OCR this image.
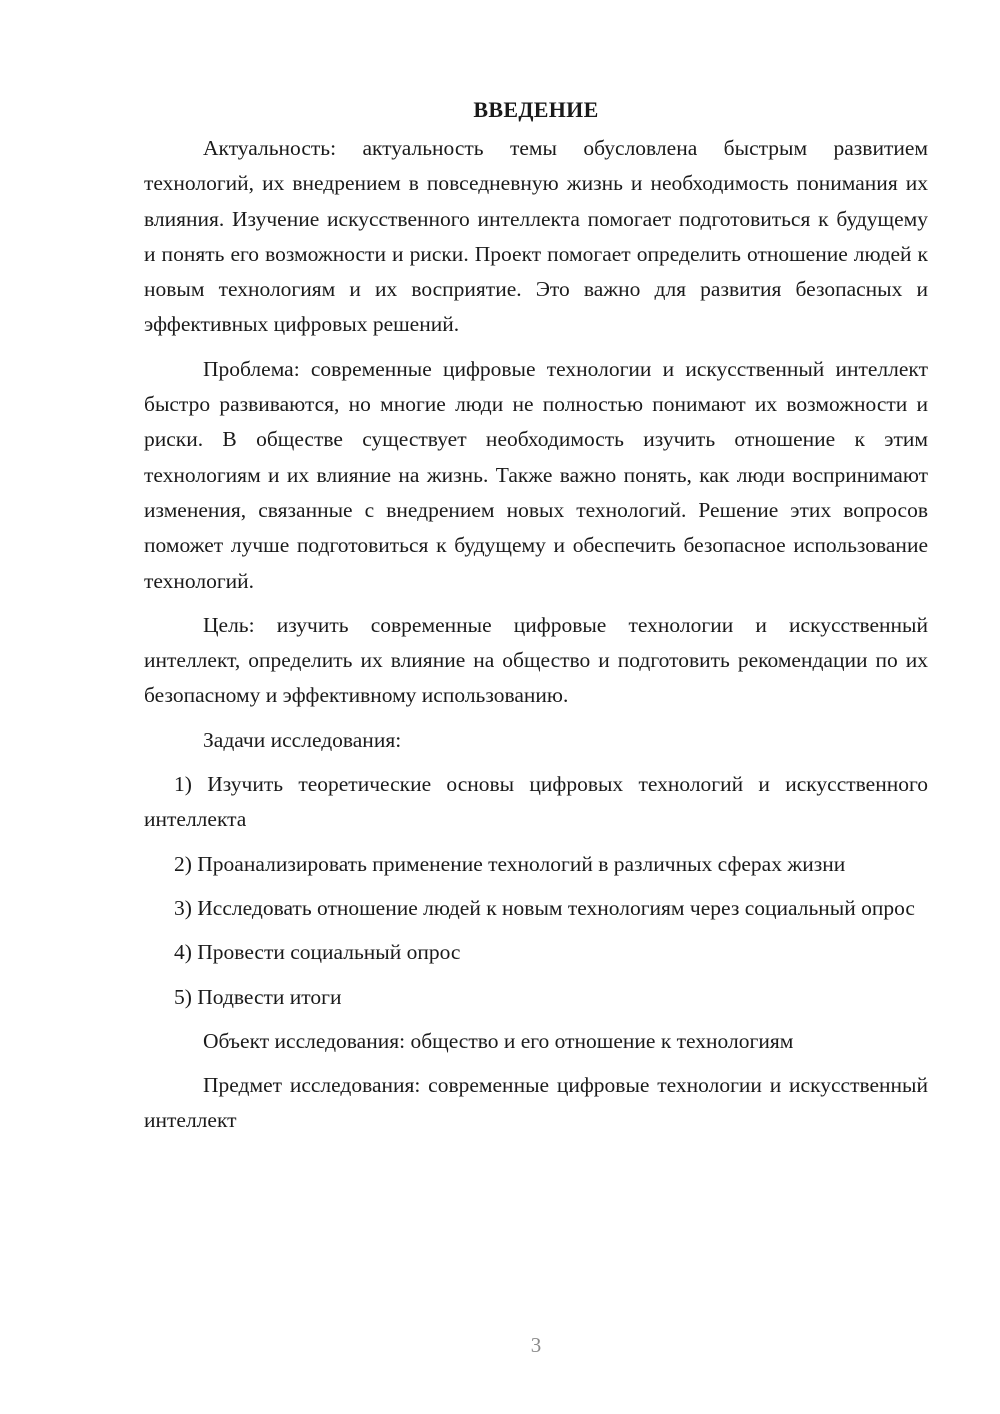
ВВЕДЕНИЕ

Актуальность: актуальность темы обусловлена быстрым развитием технологий, их внедрением в повседневную жизнь и необходимость понимания их влияния. Изучение искусственного интеллекта помогает подготовиться к будущему и понять его возможности и риски. Проект помогает определить отношение людей к новым технологиям и их восприятие. Это важно для развития безопасных и эффективных цифровых решений.

Проблема: современные цифровые технологии и искусственный интеллект быстро развиваются, но многие люди не полностью понимают их возможности и риски. В обществе существует необходимость изучить отношение к этим технологиям и их влияние на жизнь. Также важно понять, как люди воспринимают изменения, связанные с внедрением новых технологий. Решение этих вопросов поможет лучше подготовиться к будущему и обеспечить безопасное использование технологий.

Цель: изучить современные цифровые технологии и искусственный интеллект, определить их влияние на общество и подготовить рекомендации по их безопасному и эффективному использованию.

Задачи исследования:

1) Изучить теоретические основы цифровых технологий и искусственного интеллекта

2) Проанализировать применение технологий в различных сферах жизни

3) Исследовать отношение людей к новым технологиям через социальный опрос

4) Провести социальный опрос

5) Подвести итоги

Объект исследования: общество и его отношение к технологиям

Предмет исследования: современные цифровые технологии и искусственный интеллект

3
